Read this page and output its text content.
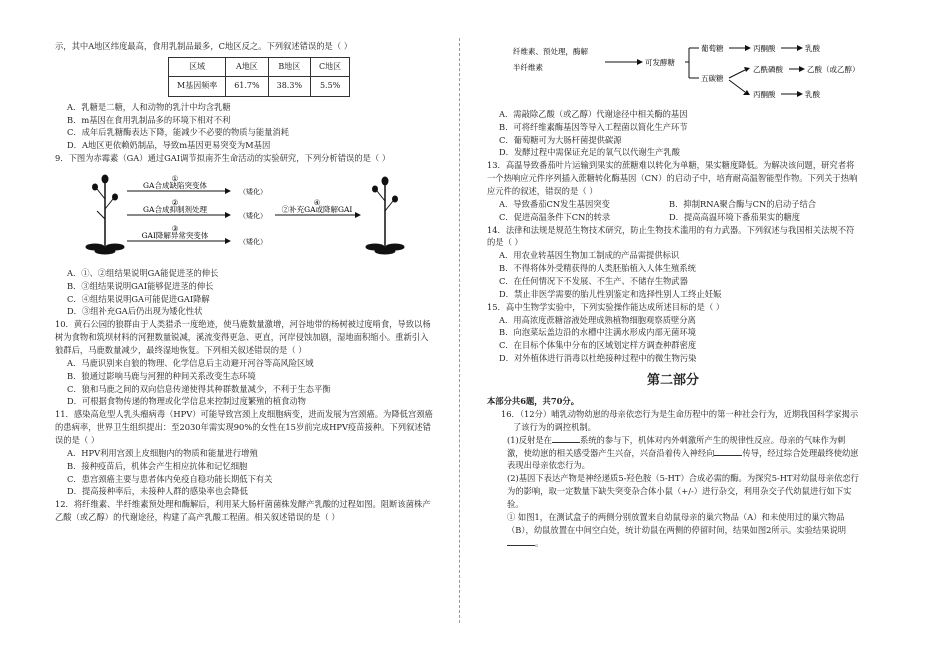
示，其中A地区纬度最高，食用乳制品最多，C地区反之。下列叙述错误的是（ ）

区域	A地区	B地区	C地区
M基因频率	61.7%	38.3%	5.5%

A．乳糖是二糖，人和动物的乳汁中均含乳糖

B．m基因在食用乳制品多的环境下相对不利

C．成年后乳糖酶表达下降，能减少不必要的物质与能量消耗

D．A地区更依赖奶制品，导致m基因更易突变为M基因

9．下图为赤霉素（GA）通过GAI调节拟南芥生命活动的实验研究，下列分析错误的是（ ）

①
GA合成缺陷突变体
（矮化）
②
GA合成抑制剂处理
（矮化）
③
GAI降解异常突变体
（矮化）
④
②补充GA或降解GAI

A．①、②组结果说明GA能促进茎的伸长

B．③组结果说明GAI能够促进茎的伸长

C．④组结果说明GA可能促进GAI降解

D．③组补充GA后仍出现为矮化性状

10．黄石公园的狼群由于人类猎杀一度绝迹，使马鹿数量激增，河谷地带的杨树被过度啃食，导致以杨树为食物和筑坝材料的河狸数量锐减，溪流变得更急、更直，河岸侵蚀加剧，湿地面积缩小。重新引入狼群后，马鹿数量减少，最终湿地恢复。下列相关叙述错误的是（ ）

A．马鹿识别来自狼的物理、化学信息后主动避开河谷等高风险区域

B．狼通过影响马鹿与河狸的种间关系改变生态环境

C．狼和马鹿之间的双向信息传递使得其种群数量减少，不利于生态平衡

D．可根据食物传递的物理或化学信息来控制过度繁殖的植食动物

11．感染高危型人乳头瘤病毒（HPV）可能导致宫颈上皮细胞病变，进而发展为宫颈癌。为降低宫颈癌的患病率，世界卫生组织提出：至2030年需实现90%的女性在15岁前完成HPV疫苗接种。下列叙述错误的是（ ）

A．HPV利用宫颈上皮细胞内的物质和能量进行增殖

B．接种疫苗后，机体会产生相应抗体和记忆细胞

C．患宫颈癌主要与患者体内免疫自稳功能长期低下有关

D．提高接种率后，未接种人群的感染率也会降低

12．将纤维素、半纤维素预处理和酶解后，利用某大肠杆菌菌株发酵产乳酸的过程如图。阻断该菌株产乙酸（或乙醇）的代谢途径，构建了高产乳酸工程菌。相关叙述错误的是（ ）

纤维素、预处理，酶解
半纤维素
可发酵糖
葡萄糖
五碳糖
丙酮酸	乳酸
乙酰磷酸	乙酸（或乙醇）
丙酮酸	乳酸

A．需敲除乙酸（或乙醇）代谢途径中相关酶的基因

B．可将纤维素酶基因等导入工程菌以简化生产环节

C．葡萄糖可为大肠杆菌提供碳源

D．发酵过程中需保证充足的氧气以代谢生产乳酸

13．高温导致番茄叶片运输到果实的蔗糖难以转化为单糖，果实糖度降低。为解决该问题，研究者将一个热响应元件序列插入蔗糖转化酶基因（CN）的启动子中，培育耐高温智能型作物。下列关于热响应元件的叙述，错误的是（ ）

A．导致番茄CN发生基因突变	B．抑制RNA聚合酶与CN的启动子结合
C．促进高温条件下CN的转录	D．提高高温环境下番茄果实的糖度

14．法律和法规是规范生物技术研究，防止生物技术滥用的有力武器。下列叙述与我国相关法规不符的是（ ）

A．用农业转基因生物加工制成的产品需提供标识

B．不得将体外受精获得的人类胚胎植入人体生殖系统

C．在任何情况下不发展、不生产、不储存生物武器

D．禁止非医学需要的胎儿性别鉴定和选择性别人工终止妊娠

15．高中生物学实验中，下列实验操作能达成所述目标的是（ ）

A．用高浓度蔗糖溶液处理成熟植物细胞观察质壁分离

B．向泡菜坛盖边沿的水槽中注满水形成内部无菌环境

C．在目标个体集中分布的区域划定样方调查种群密度

D．对外植体进行消毒以杜绝接种过程中的微生物污染

第二部分

本部分共6题，共70分。

16．（12分）哺乳动物幼崽的母亲依恋行为是生命历程中的第一种社会行为，近期我国科学家揭示了该行为的调控机制。

(1)反射是在	系统的参与下，机体对内外刺激所产生的规律性反应。母亲的气味作为刺激，使幼崽的相关感受器产生兴奋，兴奋沿着传入神经向	传导，经过综合处理最终使幼崽表现出母亲依恋行为。

(2)基因下表达产物是神经递质5-羟色胺（5-HT）合成必需的酶。为探究5-HT对幼鼠母亲依恋行为的影响，取一定数量下缺失突变杂合体小鼠（+/-）进行杂交，利用杂交子代幼鼠进行如下实验。

① 如图1，在测试盒子的两侧分别放置来自幼鼠母亲的巢穴物品（A）和未使用过的巢穴物品（B），幼鼠放置在中间空白处，统计幼鼠在两侧的停留时间，结果如图2所示。实验结果说明。
